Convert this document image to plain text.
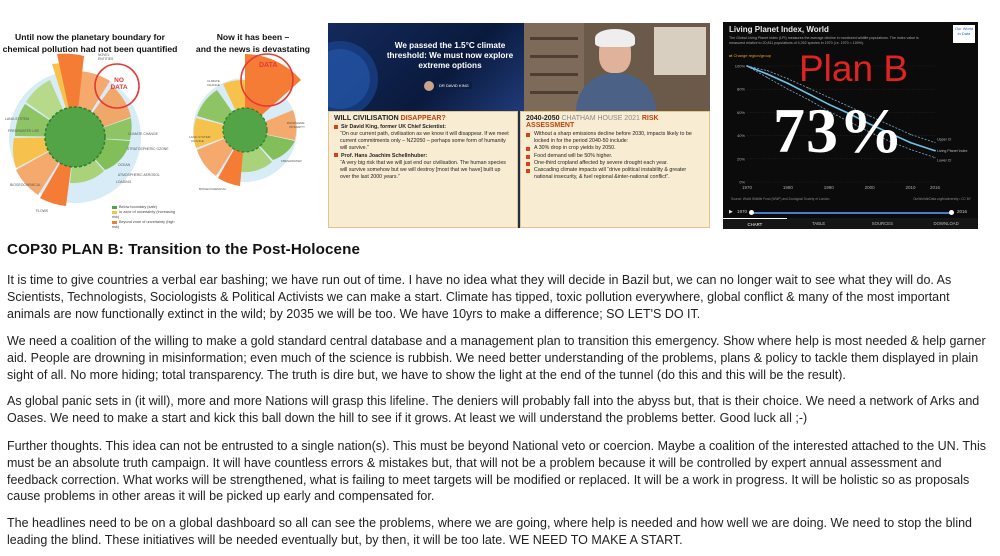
Until now the planetary boundary for
chemical pollution had not been quantified
NOVEL
ENTITIES
CLIMATE CHANGE
LAND-SYSTEM
OCEAN
BIOGEOCHEMICAL
FLOWS
STRATOSPHERIC OZONE
ATMOSPHERIC AEROSOL
LOADING
FRESHWATER USE
NO DATA
Below boundary (safe)
In zone of uncertainty (increasing risk)
Beyond zone of uncertainty (high risk)
Now it has been –
and the news is devastating
CLIMATE
CHANGE
BIOSPHERE
INTEGRITY
LAND-SYSTEM
CHANGE
FRESHWATER
BIOGEOCHEMICAL
DATA
We passed the 1.5°C climate threshold: We must now explore extreme options
DR DAVID KING
WILL CIVILISATION DISAPPEAR?
Sir David King, former UK Chief Scientist:
“On our current path, civilisation as we know it will disappear. If we meet current commitments only – NZ2050 – perhaps some form of humanity will survive.”
Prof. Hans Joachim Schellnhuber:
“A very big risk that we will just end our civilisation. The human species will survive somehow but we will destroy [most that we have] built up over the last 2000 years.”
2040-2050 CHATHAM HOUSE 2021 RISK ASSESSMENT
Without a sharp emissions decline before 2030, impacts likely to be locked in for the period 2040-50 include:
A 30% drop in crop yields by 2050.
Food demand will be 50% higher.
One-third cropland affected by severe drought each year.
Cascading climate impacts will “drive political instability & greater national insecurity, & fuel regional &inter-national conflict”.
Living Planet Index, World
The Global Living Planet Index (LPI) measures the average decline in monitored wildlife populations. The index value is measured relative to 20,811 populations of 4,392 species in 1970 (i.e. 1970 = 100%).
Our World in Data
⇄ Change region/group
100%
80%
60%
40%
20%
0%
1970	1980	1990	2000	2010	2016
Living Planet Index
Upper CI
Lower CI
Plan B
73%
Source: World Wildlife Fund (WWF) and Zoological Society of London	OurWorldInData.org/biodiversity • CC BY
▶ 1970	2016
CHART	TABLE	SOURCES	DOWNLOAD
COP30 PLAN B: Transition to the Post-Holocene
It is time to give countries a verbal ear bashing; we have run out of time. I have no idea what they will decide in Bazil but, we can no longer wait to see what they will do. As Scientists, Technologists, Sociologists & Political Activists we can make a start. Climate has tipped, toxic pollution everywhere, global conflict & many of the most important animals are now functionally extinct in the wild; by 2035 we will be too. We have 10yrs to make a difference; SO LET'S DO IT.
We need a coalition of the willing to make a gold standard central database and a management plan to transition this emergency. Show where help is most needed & help garner aid. People are drowning in misinformation; even much of the science is rubbish. We need better understanding of the problems, plans & policy to tackle them displayed in plain sight of all. No more hiding; total transparency. The truth is dire but, we have to show the light at the end of the tunnel (do this and this will be the result).
As global panic sets in (it will), more and more Nations will grasp this lifeline. The deniers will probably fall into the abyss but, that is their choice. We need a network of Arks and Oases. We need to make a start and kick this ball down the hill to see if it grows. At least we will understand the problems better. Good luck all ;-)
Further thoughts. This idea can not be entrusted to a single nation(s). This must be beyond National veto or coercion. Maybe a coalition of the interested attached to the UN. This must be an absolute truth campaign. It will have countless errors & mistakes but, that will not be a problem because it will be controlled by expert annual assessment and feedback correction. What works will be strengthened, what is failing to meet targets will be modified or replaced. It will be a work in progress. It will be holistic so as proposals cause problems in other areas it will be picked up early and compensated for.
The headlines need to be on a global dashboard so all can see the problems, where we are going, where help is needed and how well we are doing. We need to stop the blind leading the blind. These initiatives will be needed eventually but, by then, it will be too late. WE NEED TO MAKE A START.
